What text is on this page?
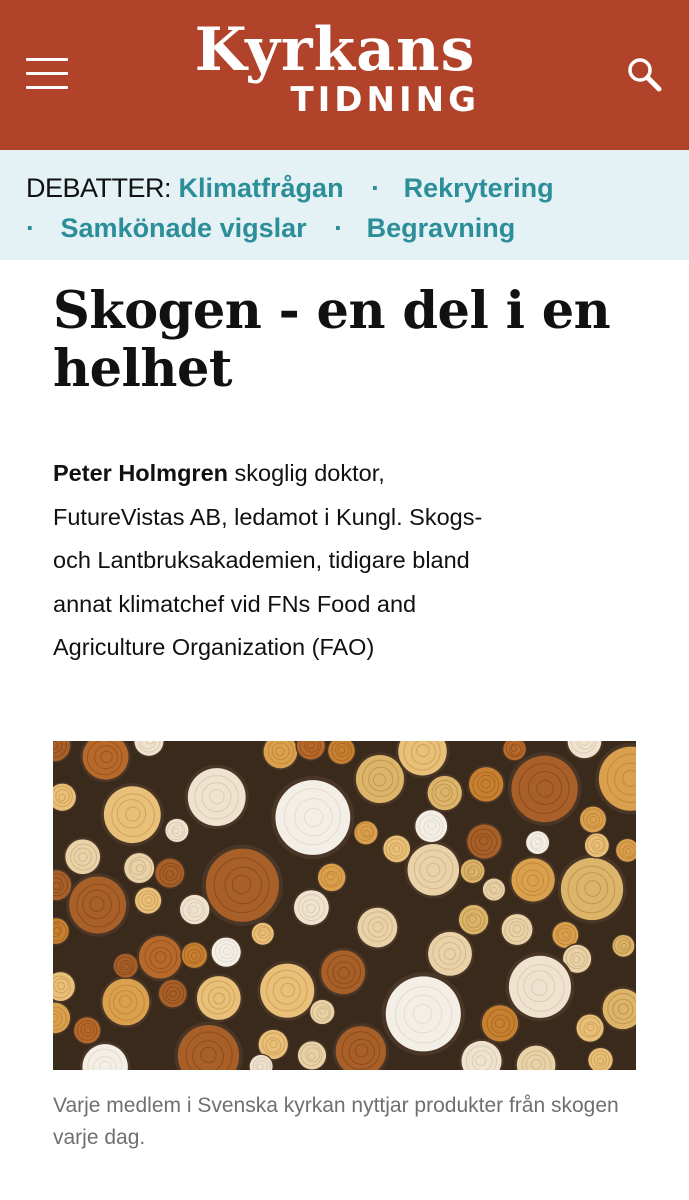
Kyrkans
TIDNING
DEBATTER: Klimatfrågan · Rekrytering
· Samkönade vigslar · Begravning
Skogen - en del i en helhet

Peter Holmgren skoglig doktor, FutureVistas AB, ledamot i Kungl. Skogs- och Lantbruksakademien, tidigare bland annat klimatchef vid FNs Food and Agriculture Organization (FAO)

Varje medlem i Svenska kyrkan nyttjar produkter från skogen varje dag.
